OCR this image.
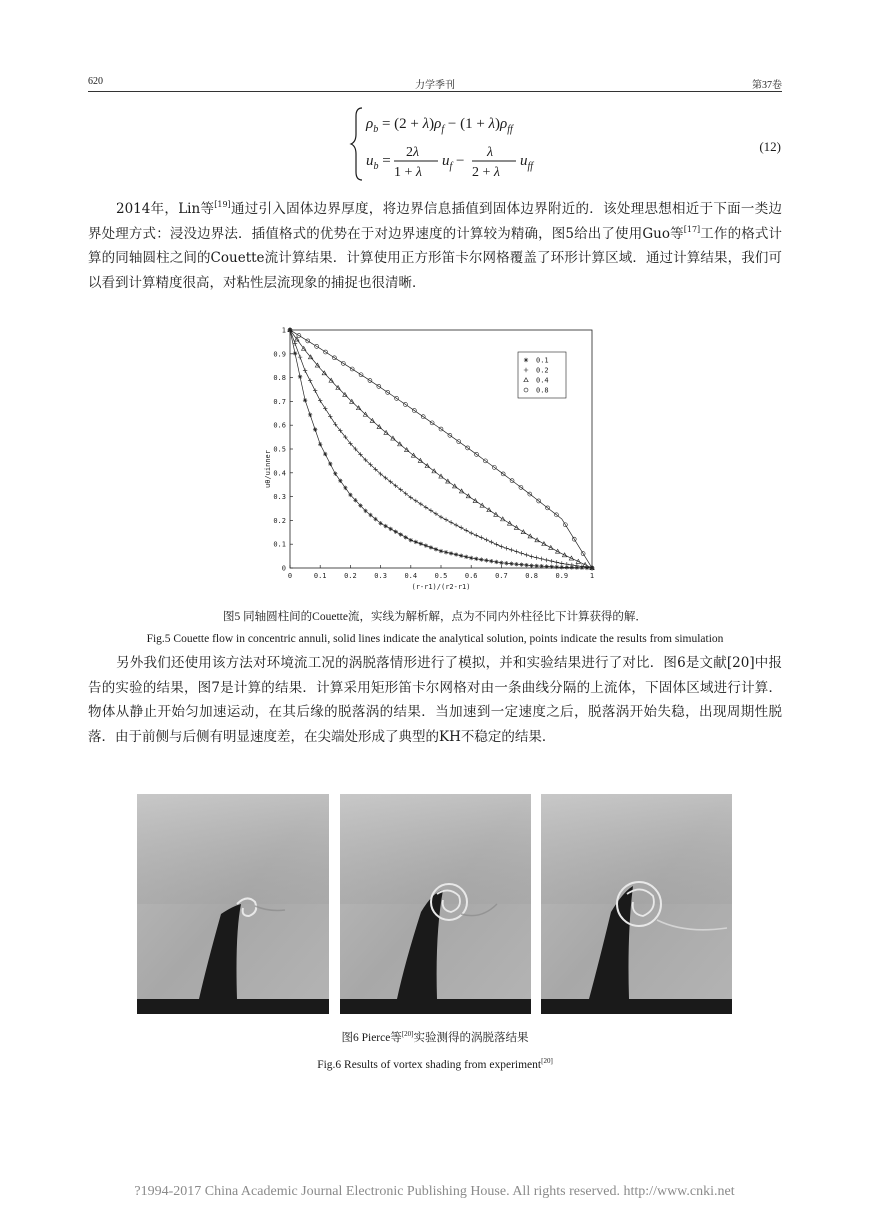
620	力学季刊	第37卷
$\rho_b = (2 + \lambda)\rho_f - (1 + \lambda)\rho_{ff}$
$u_b$ =
2λ
1 + λ
$u_f$ −
λ
2 + λ
$u_{ff}$
(12)

2014年，Lin等[19]通过引入固体边界厚度，将边界信息插值到固体边界附近的．该处理思想相近于下面一类边界处理方式：浸没边界法．插值格式的优势在于对边界速度的计算较为精确，图5给出了使用Guo等[17]工作的格式计算的同轴圆柱之间的Couette流计算结果．计算使用正方形笛卡尔网格覆盖了环形计算区域．通过计算结果，我们可以看到计算精度很高，对粘性层流现象的捕捉也很清晰．

0	0.1	0.2	0.3	0.4	0.5	0.6	0.7	0.8	0.9	1
0
0.1
0.2
0.3
0.4
0.5
0.6
0.7
0.8
0.9
1
(r-r1)/(r2-r1)
uθ/uinner
0.1
0.2
0.4
0.8

图5 同轴圆柱间的Couette流，实线为解析解，点为不同内外柱径比下计算获得的解．

Fig.5 Couette flow in concentric annuli, solid lines indicate the analytical solution, points indicate the results from simulation

另外我们还使用该方法对环境流工况的涡脱落情形进行了模拟，并和实验结果进行了对比．图6是文献[20]中报告的实验的结果，图7是计算的结果．计算采用矩形笛卡尔网格对由一条曲线分隔的上流体，下固体区域进行计算．物体从静止开始匀加速运动，在其后缘的脱落涡的结果．当加速到一定速度之后，脱落涡开始失稳，出现周期性脱落．由于前侧与后侧有明显速度差，在尖端处形成了典型的KH不稳定的结果．

图6 Pierce等[20]实验测得的涡脱落结果

Fig.6 Results of vortex shading from experiment[20]

?1994-2017 China Academic Journal Electronic Publishing House. All rights reserved. http://www.cnki.net
